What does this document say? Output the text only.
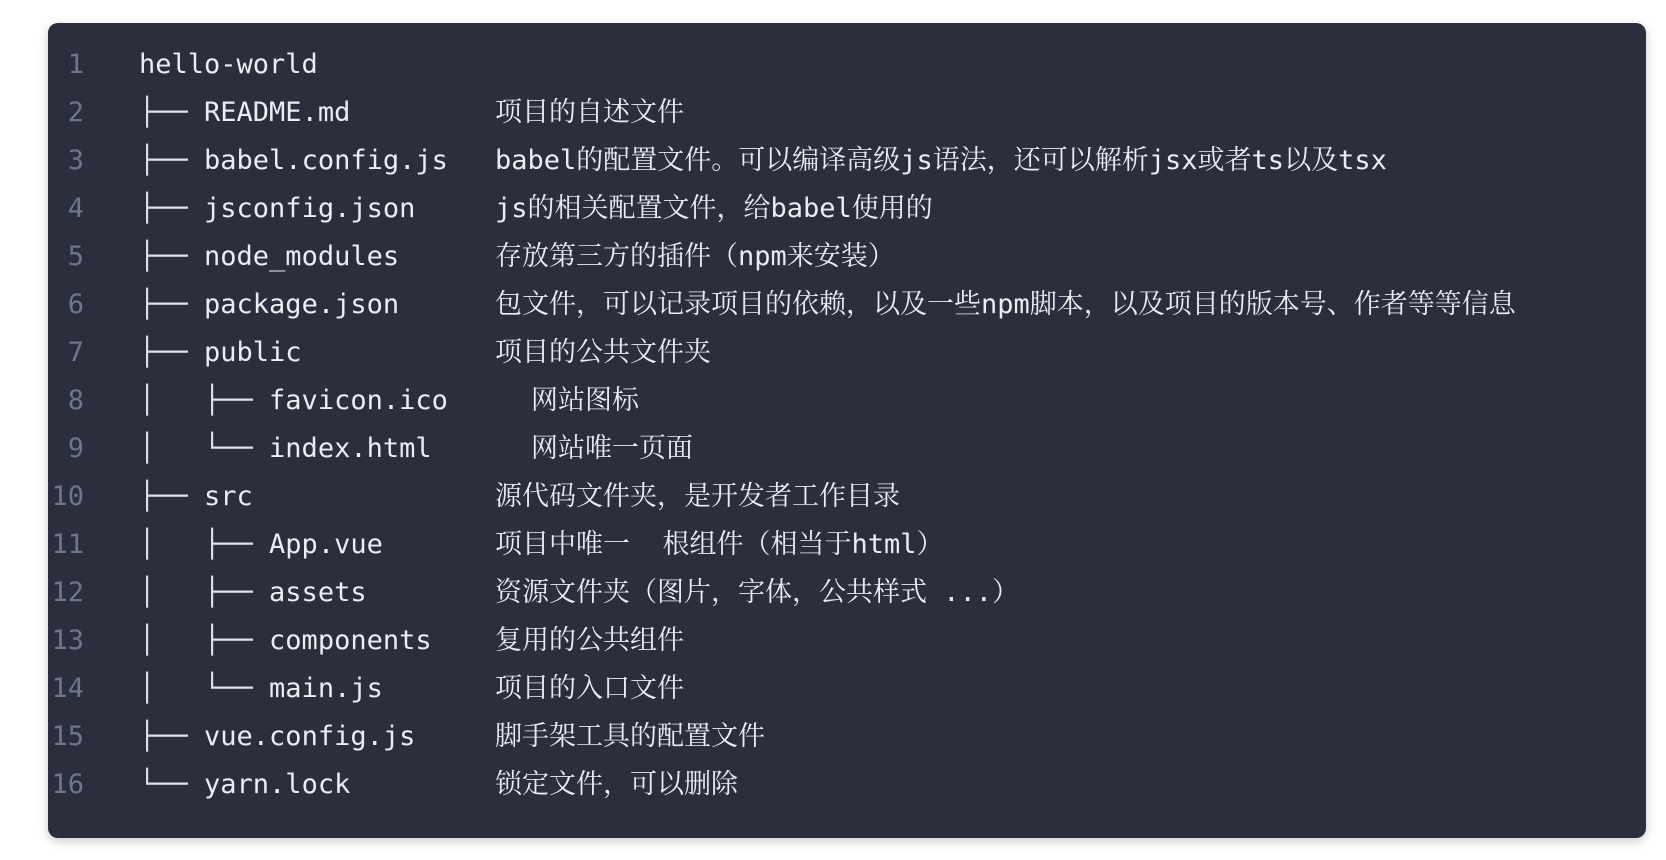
1 hello-world
2 ├── README.md	项目的自述文件
3 ├── babel.config.js babel的配置文件。可以编译高级js语法，还可以解析jsx或者ts以及tsx
4 ├── jsconfig.json	js的相关配置文件，给babel使用的
5 ├── node_modules	存放第三方的插件（npm来安装）
6 ├── package.json	包文件，可以记录项目的依赖，以及一些npm脚本，以及项目的版本号、作者等等信息
7 ├── public	项目的公共文件夹
8 │   ├── favicon.ico	网站图标
9 │   └── index.html	网站唯一页面
10 ├── src	源代码文件夹，是开发者工作目录
11 │   ├── App.vue	项目中唯一  根组件（相当于html）
12 │   ├── assets	资源文件夹（图片，字体，公共样式 ...）
13 │   ├── components 复用的公共组件
14 │   └── main.js	项目的入口文件
15 ├── vue.config.js	脚手架工具的配置文件
16 └── yarn.lock	锁定文件，可以删除
